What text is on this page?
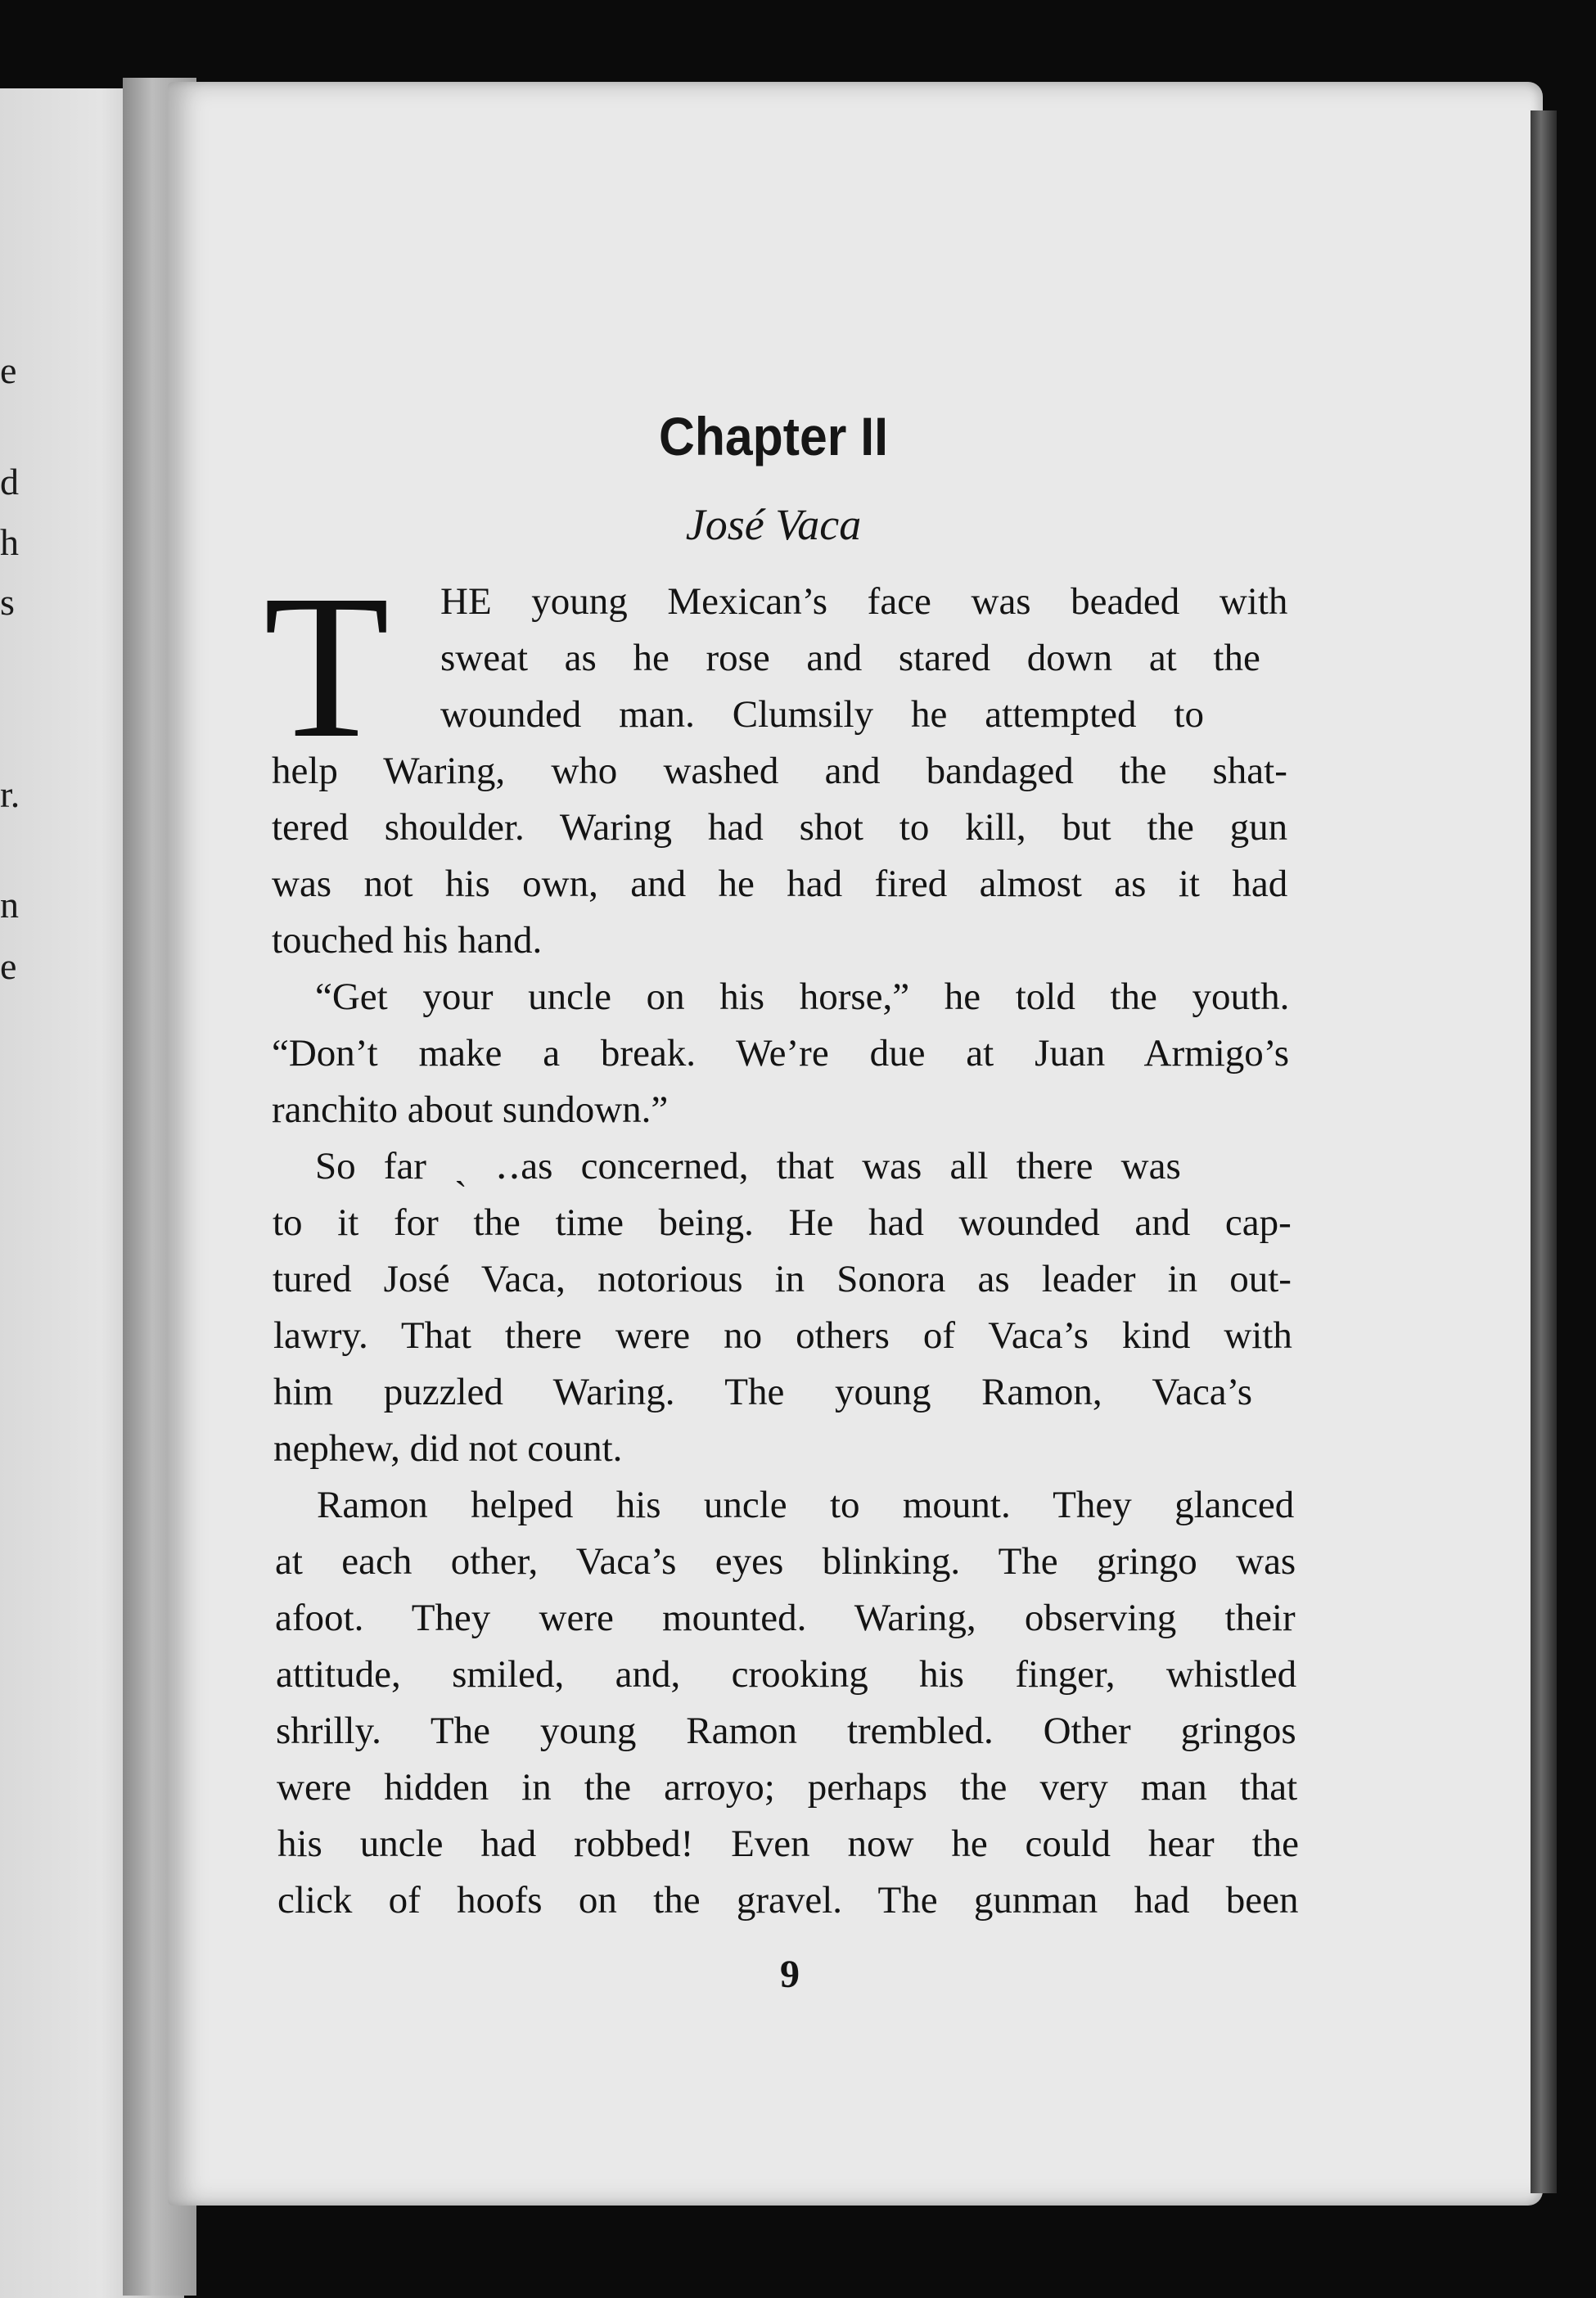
e
d
h
s
r.
n
e
Chapter II
José Vaca
T HE young Mexican’s face was beaded with
sweat as he rose and stared down at the
wounded man. Clumsily he attempted to
help Waring, who washed and bandaged the shat-
tered shoulder. Waring had shot to kill, but the gun
was not his own, and he had fired almost as it had
touched his hand.
“Get your uncle on his horse,” he told the youth.
“Don’t make a break. We’re due at Juan Armigo’s
ranchito about sundown.”
So far ˏ ․․as concerned, that was all there was
to it for the time being. He had wounded and cap-
tured José Vaca, notorious in Sonora as leader in out-
lawry. That there were no others of Vaca’s kind with
him puzzled Waring. The young Ramon, Vaca’s
nephew, did not count.
Ramon helped his uncle to mount. They glanced
at each other, Vaca’s eyes blinking. The gringo was
afoot. They were mounted. Waring, observing their
attitude, smiled, and, crooking his finger, whistled
shrilly. The young Ramon trembled. Other gringos
were hidden in the arroyo; perhaps the very man that
his uncle had robbed! Even now he could hear the
click of hoofs on the gravel. The gunman had been
9
